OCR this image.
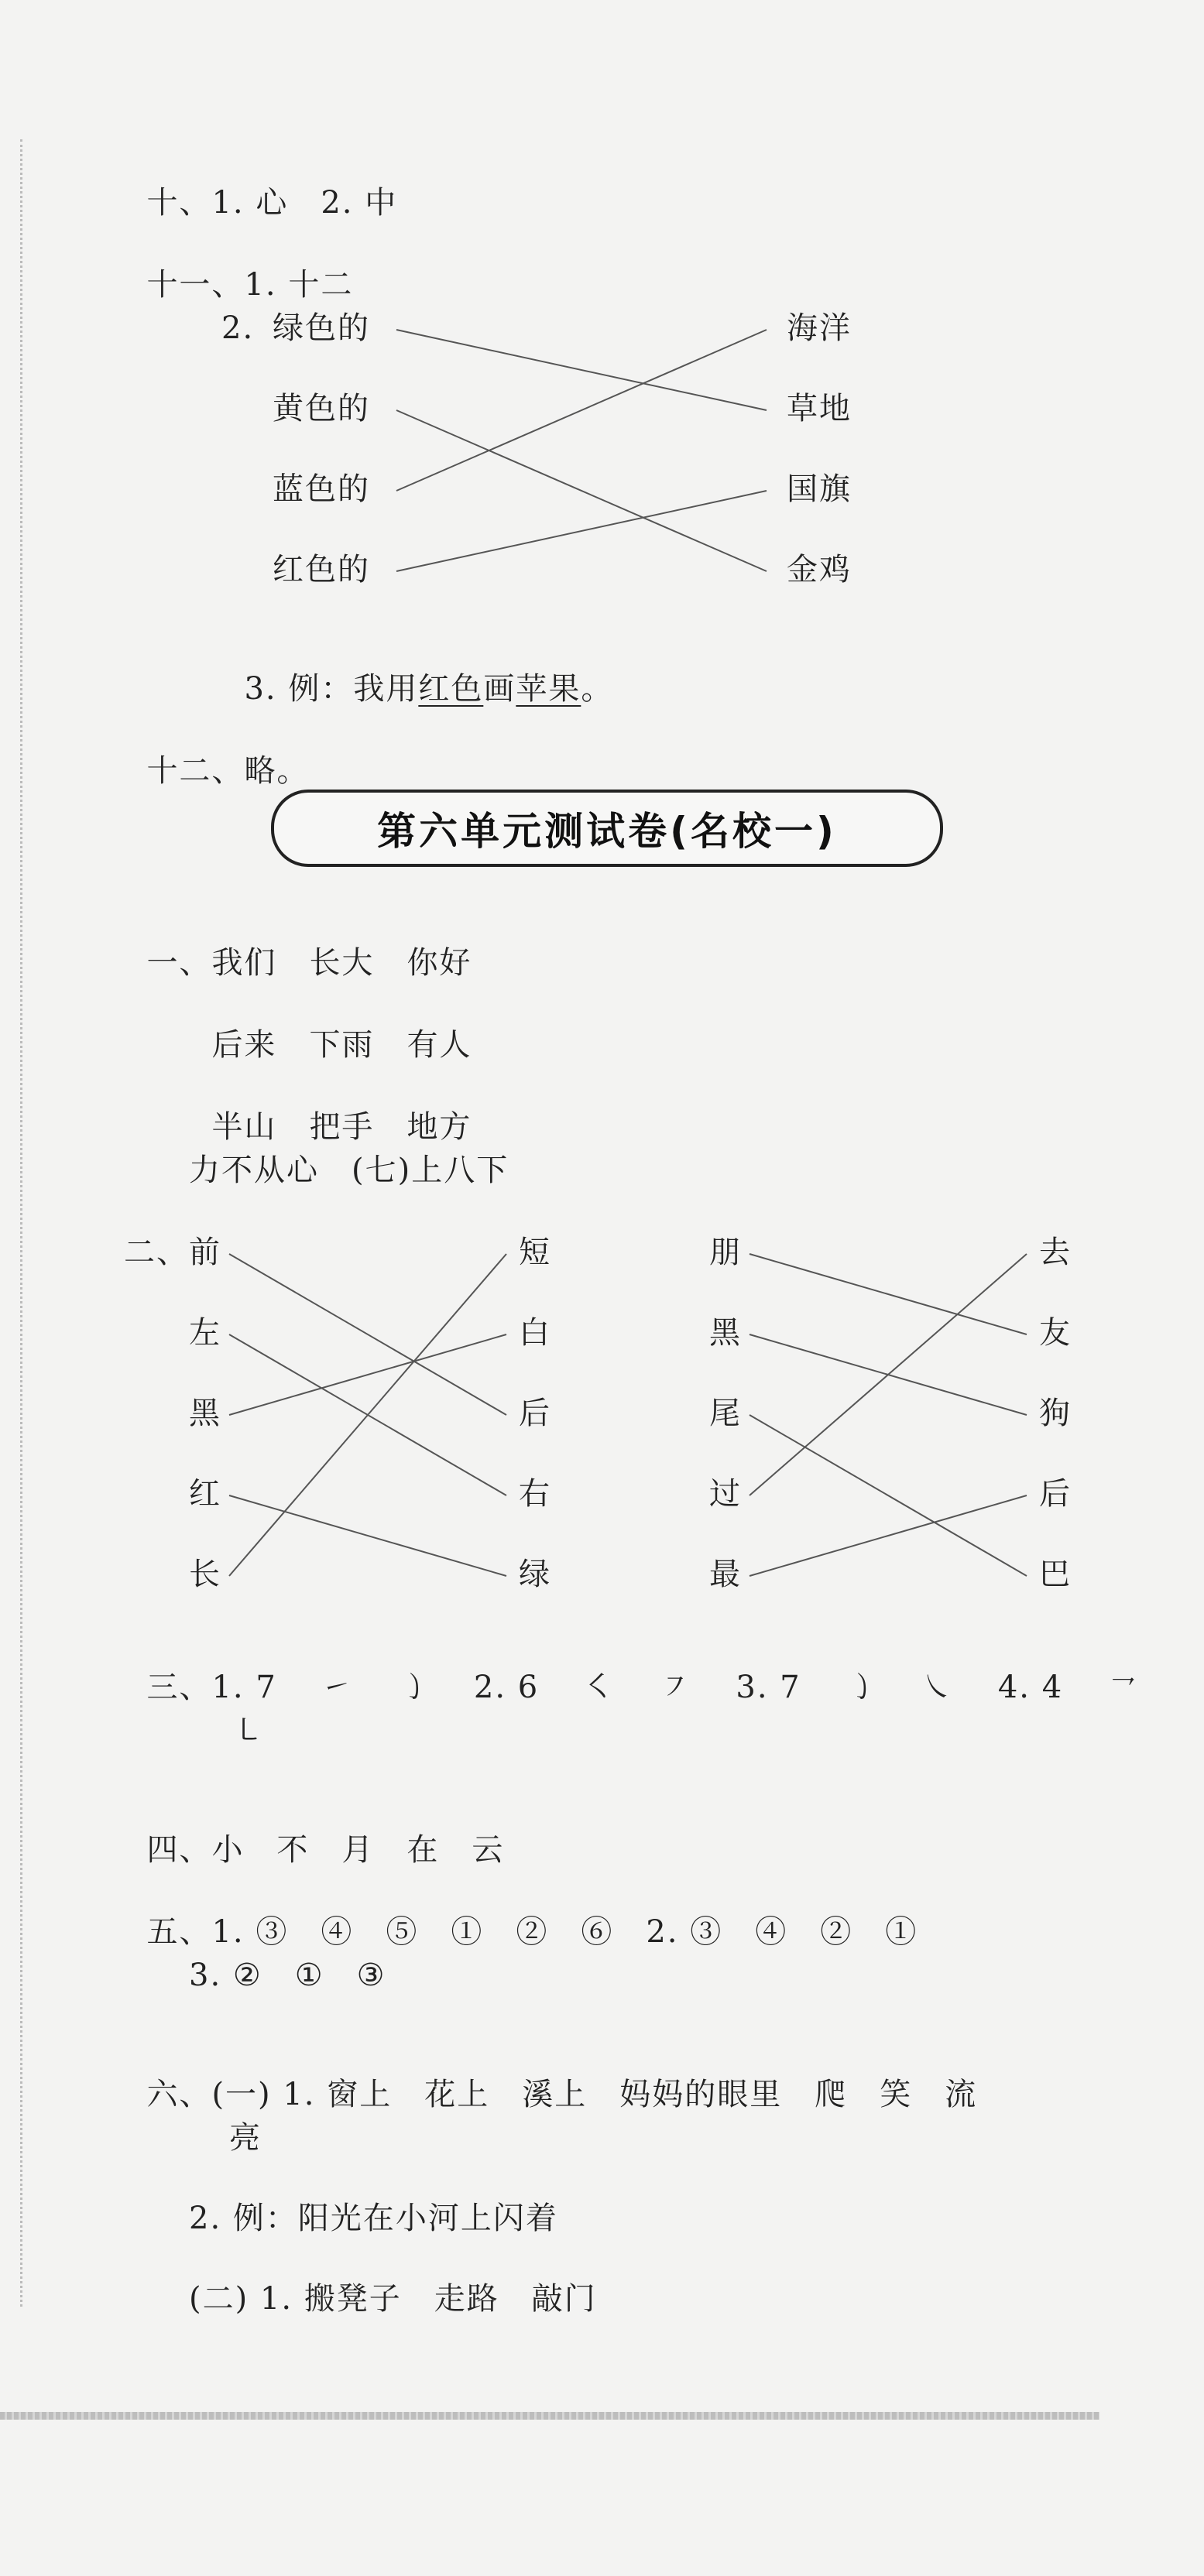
十、1. 心　 2. 中

十一、1. 十二

2. 绿色的
黄色的
蓝色的
红色的
海洋
草地
国旗
金鸡

3. 例：我用红色画苹果。

十二、略。

第六单元测试卷(名校一)

一、我们　 长大　 你好

后来　 下雨　 有人

半山　 把手　 地方

力不从心　(七)上八下
二、 前
左
黑
红
长
短
白
后
右
绿
朋
黑
尾
过
最
去
友
狗
后
巴

三、1. 7　 ㇀　 ㇁　 2. 6　 ㇛　 ㇇　 3. 7　 ㇁　 ㇏　 4. 4　 ㇖

㇄

四、小　不　月　在　云

五、1. ③　④　⑤　①　②　⑥　2. ③　④　②　①

3. ②　①　③

六、(一) 1. 窗上　花上　溪上　妈妈的眼里　爬　笑　流

亮
2. 例：阳光在小河上闪着
(二) 1. 搬凳子　走路　敲门
